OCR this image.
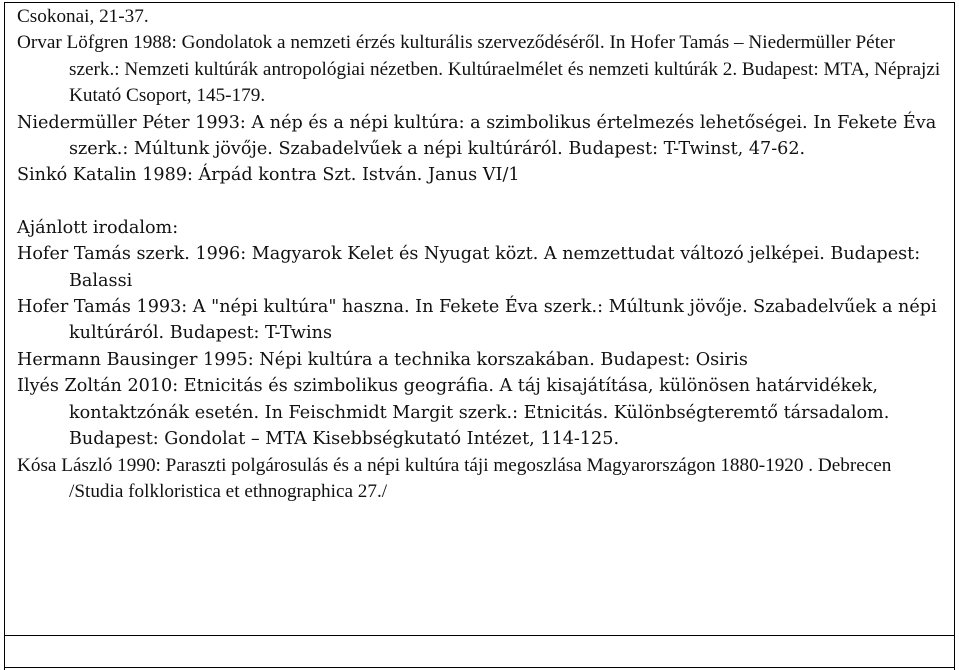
Csokonai, 21-37.

Orvar Löfgren 1988: Gondolatok a nemzeti érzés kulturális szerveződéséről. In Hofer Tamás – Niedermüller Péter szerk.: Nemzeti kultúrák antropológiai nézetben. Kultúraelmélet és nemzeti kultúrák 2. Budapest: MTA, Néprajzi Kutató Csoport, 145-179.

Niedermüller Péter 1993: A nép és a népi kultúra: a szimbolikus értelmezés lehetőségei. In Fekete Éva szerk.: Múltunk jövője. Szabadelvűek a népi kultúráról. Budapest: T-Twinst, 47-62.

Sinkó Katalin 1989: Árpád kontra Szt. István. Janus VI/1

Ajánlott irodalom:

Hofer Tamás szerk. 1996: Magyarok Kelet és Nyugat közt. A nemzettudat változó jelképei. Budapest: Balassi

Hofer Tamás 1993: A "népi kultúra" haszna. In Fekete Éva szerk.: Múltunk jövője. Szabadelvűek a népi kultúráról. Budapest: T-Twins

Hermann Bausinger 1995: Népi kultúra a technika korszakában. Budapest: Osiris

Ilyés Zoltán 2010: Etnicitás és szimbolikus geográfia. A táj kisajátítása, különösen határvidékek, kontaktzónák esetén. In Feischmidt Margit szerk.: Etnicitás. Különbségteremtő társadalom. Budapest: Gondolat – MTA Kisebbségkutató Intézet, 114-125.

Kósa László 1990: Paraszti polgárosulás és a népi kultúra táji megoszlása Magyarországon 1880-1920 . Debrecen /Studia folkloristica et ethnographica 27./
